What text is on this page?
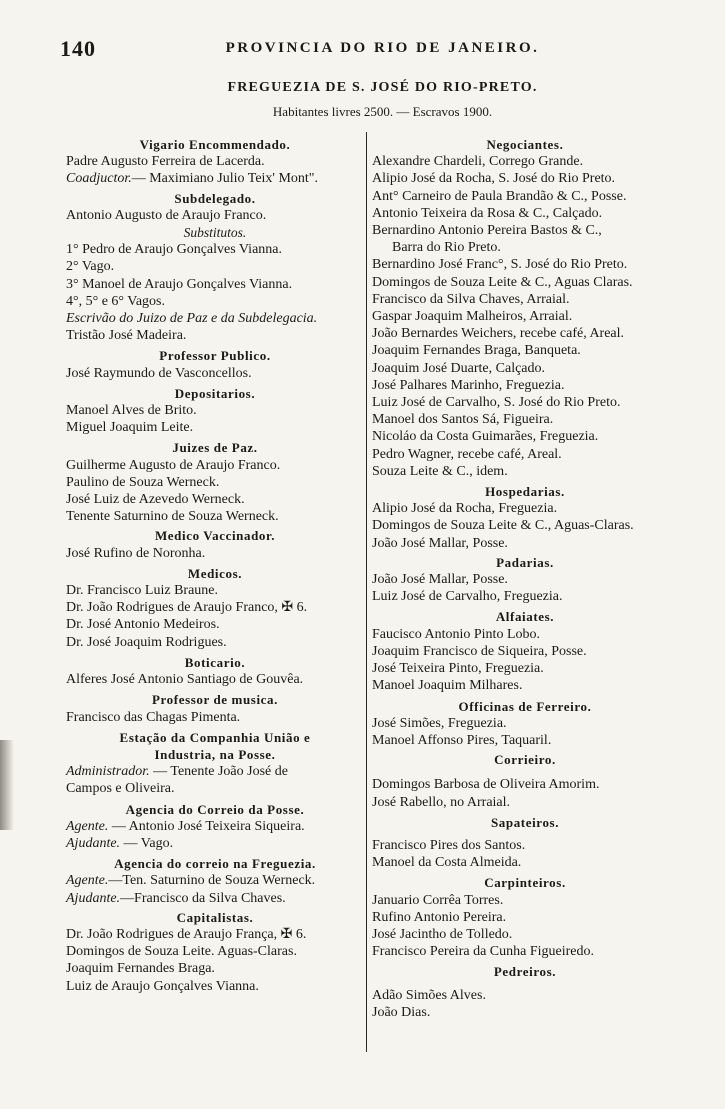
140	PROVINCIA DO RIO DE JANEIRO.
FREGUEZIA DE S. JOSÉ DO RIO-PRETO.
Habitantes livres 2500. — Escravos 1900.
Vigario Encommendado.
Padre Augusto Ferreira de Lacerda.
Coadjuctor.— Maximiano Julio Teix' Mont".
Subdelegado.
Antonio Augusto de Araujo Franco.
Substitutos.
1° Pedro de Araujo Gonçalves Vianna.
2° Vago.
3° Manoel de Araujo Gonçalves Vianna.
4°, 5° e 6° Vagos.
Escrivão do Juizo de Paz e da Subdelegacia.
Tristão José Madeira.
Professor Publico.
José Raymundo de Vasconcellos.
Depositarios.
Manoel Alves de Brito.
Miguel Joaquim Leite.
Juizes de Paz.
Guilherme Augusto de Araujo Franco.
Paulino de Souza Werneck.
José Luiz de Azevedo Werneck.
Tenente Saturnino de Souza Werneck.
Medico Vaccinador.
José Rufino de Noronha.
Medicos.
Dr. Francisco Luiz Braune.
Dr. João Rodrigues de Araujo Franco, ✠ 6.
Dr. José Antonio Medeiros.
Dr. José Joaquim Rodrigues.
Boticario.
Alferes José Antonio Santiago de Gouvêa.
Professor de musica.
Francisco das Chagas Pimenta.
Estação da Companhia União e
Industria, na Posse.
Administrador. — Tenente João José de
Campos e Oliveira.
Agencia do Correio da Posse.
Agente. — Antonio José Teixeira Siqueira.
Ajudante. — Vago.
Agencia do correio na Freguezia.
Agente.—Ten. Saturnino de Souza Werneck.
Ajudante.—Francisco da Silva Chaves.
Capitalistas.
Dr. João Rodrigues de Araujo França, ✠ 6.
Domingos de Souza Leite. Aguas-Claras.
Joaquim Fernandes Braga.
Luiz de Araujo Gonçalves Vianna.
Negociantes.
Alexandre Chardeli, Corrego Grande.
Alipio José da Rocha, S. José do Rio Preto.
Ant° Carneiro de Paula Brandão & C., Posse.
Antonio Teixeira da Rosa & C., Calçado.
Bernardino Antonio Pereira Bastos & C.,
Barra do Rio Preto.
Bernardino José Franc°, S. José do Rio Preto.
Domingos de Souza Leite & C., Aguas Claras.
Francisco da Silva Chaves, Arraial.
Gaspar Joaquim Malheiros, Arraial.
João Bernardes Weichers, recebe café, Areal.
Joaquim Fernandes Braga, Banqueta.
Joaquim José Duarte, Calçado.
José Palhares Marinho, Freguezia.
Luiz José de Carvalho, S. José do Rio Preto.
Manoel dos Santos Sá, Figueira.
Nicoláo da Costa Guimarães, Freguezia.
Pedro Wagner, recebe café, Areal.
Souza Leite & C., idem.
Hospedarias.
Alipio José da Rocha, Freguezia.
Domingos de Souza Leite & C., Aguas-Claras.
João José Mallar, Posse.
Padarias.
João José Mallar, Posse.
Luiz José de Carvalho, Freguezia.
Alfaiates.
Faucisco Antonio Pinto Lobo.
Joaquim Francisco de Siqueira, Posse.
José Teixeira Pinto, Freguezia.
Manoel Joaquim Milhares.
Officinas de Ferreiro.
José Simões, Freguezia.
Manoel Affonso Pires, Taquaril.
Corrieiro.
Domingos Barbosa de Oliveira Amorim.
José Rabello, no Arraial.
Sapateiros.
Francisco Pires dos Santos.
Manoel da Costa Almeida.
Carpinteiros.
Januario Corrêa Torres.
Rufino Antonio Pereira.
José Jacintho de Tolledo.
Francisco Pereira da Cunha Figueiredo.
Pedreiros.
Adão Simões Alves.
João Dias.
